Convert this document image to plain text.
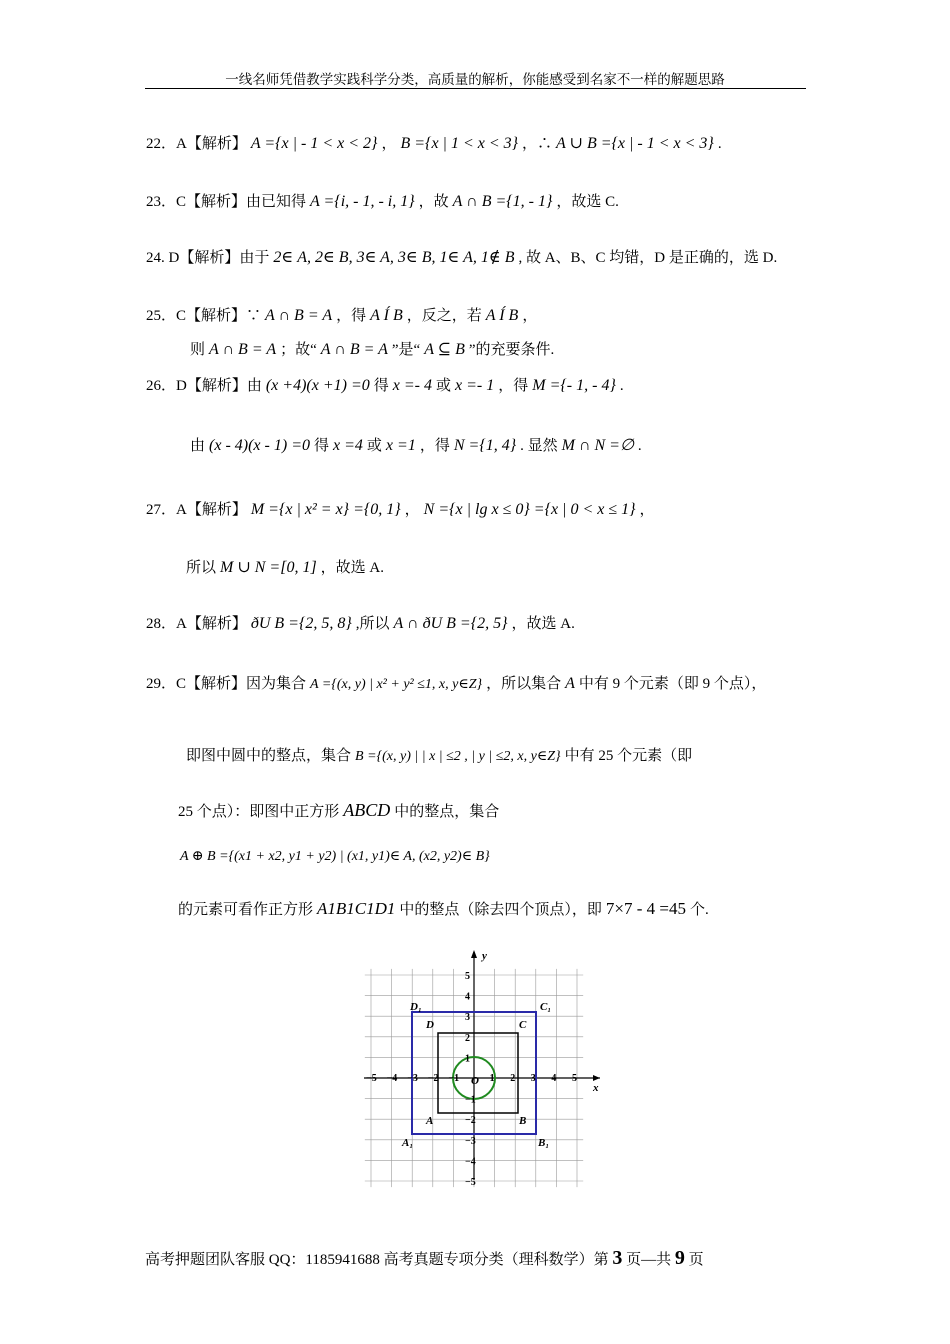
一线名师凭借教学实践科学分类，高质量的解析，你能感受到名家不一样的解题思路
22．A【解析】 A ={x | - 1 < x < 2} ， B ={x | 1 < x < 3} ，∴ A ∪ B ={x | - 1 < x < 3} .
23．C【解析】由已知得 A ={i, - 1, - i, 1} ，故 A ∩ B ={1, - 1} ，故选 C.
24. D【解析】由于 2∈ A, 2∈ B, 3∈ A, 3∈ B, 1∈ A, 1∉ B , 故 A、B、C 均错，D 是正确的，选 D.
25．C【解析】∵ A ∩ B = A ，得 A Í B ，反之，若 A Í B ，
则 A ∩ B = A ；故“ A ∩ B = A ”是“ A ⊆ B ”的充要条件.
26．D【解析】由 (x +4)(x +1) =0 得 x =- 4 或 x =- 1 ，得 M ={- 1, - 4} .
由 (x - 4)(x - 1) =0 得 x =4 或 x =1 ，得 N ={1, 4} . 显然 M ∩ N =∅ .
27．A【解析】 M ={x | x² = x} ={0, 1} ， N ={x | lg x ≤ 0} ={x | 0 < x ≤ 1} ，
所以 M ∪ N =[0, 1] ，故选 A.
28．A【解析】 ðU B ={2, 5, 8} ,所以 A ∩ ðU B ={2, 5} ，故选 A.
29．C【解析】因为集合 A ={(x, y) | x² + y² ≤1, x, y∈Z} ，所以集合 A 中有 9 个元素（即 9 个点），
即图中圆中的整点，集合 B ={(x, y) | | x | ≤2 , | y | ≤2, x, y∈Z} 中有 25 个元素（即
25 个点）：即图中正方形 ABCD 中的整点，集合
A ⊕ B ={(x1 + x2, y1 + y2) | (x1, y1)∈ A, (x2, y2)∈ B}
的元素可看作正方形 A1B1C1D1 中的整点（除去四个顶点），即 7×7 - 4 =45 个.
−5 −4 −3 −2 −1	1 2 3 4 5
5
4
3
2
1
−1
−2
−3
−4
−5
x
y
O
A	B
C
D
A₁	B₁
C₁
D₁
高考押题团队客服 QQ：1185941688 高考真题专项分类（理科数学）第 3 页—共 9 页
